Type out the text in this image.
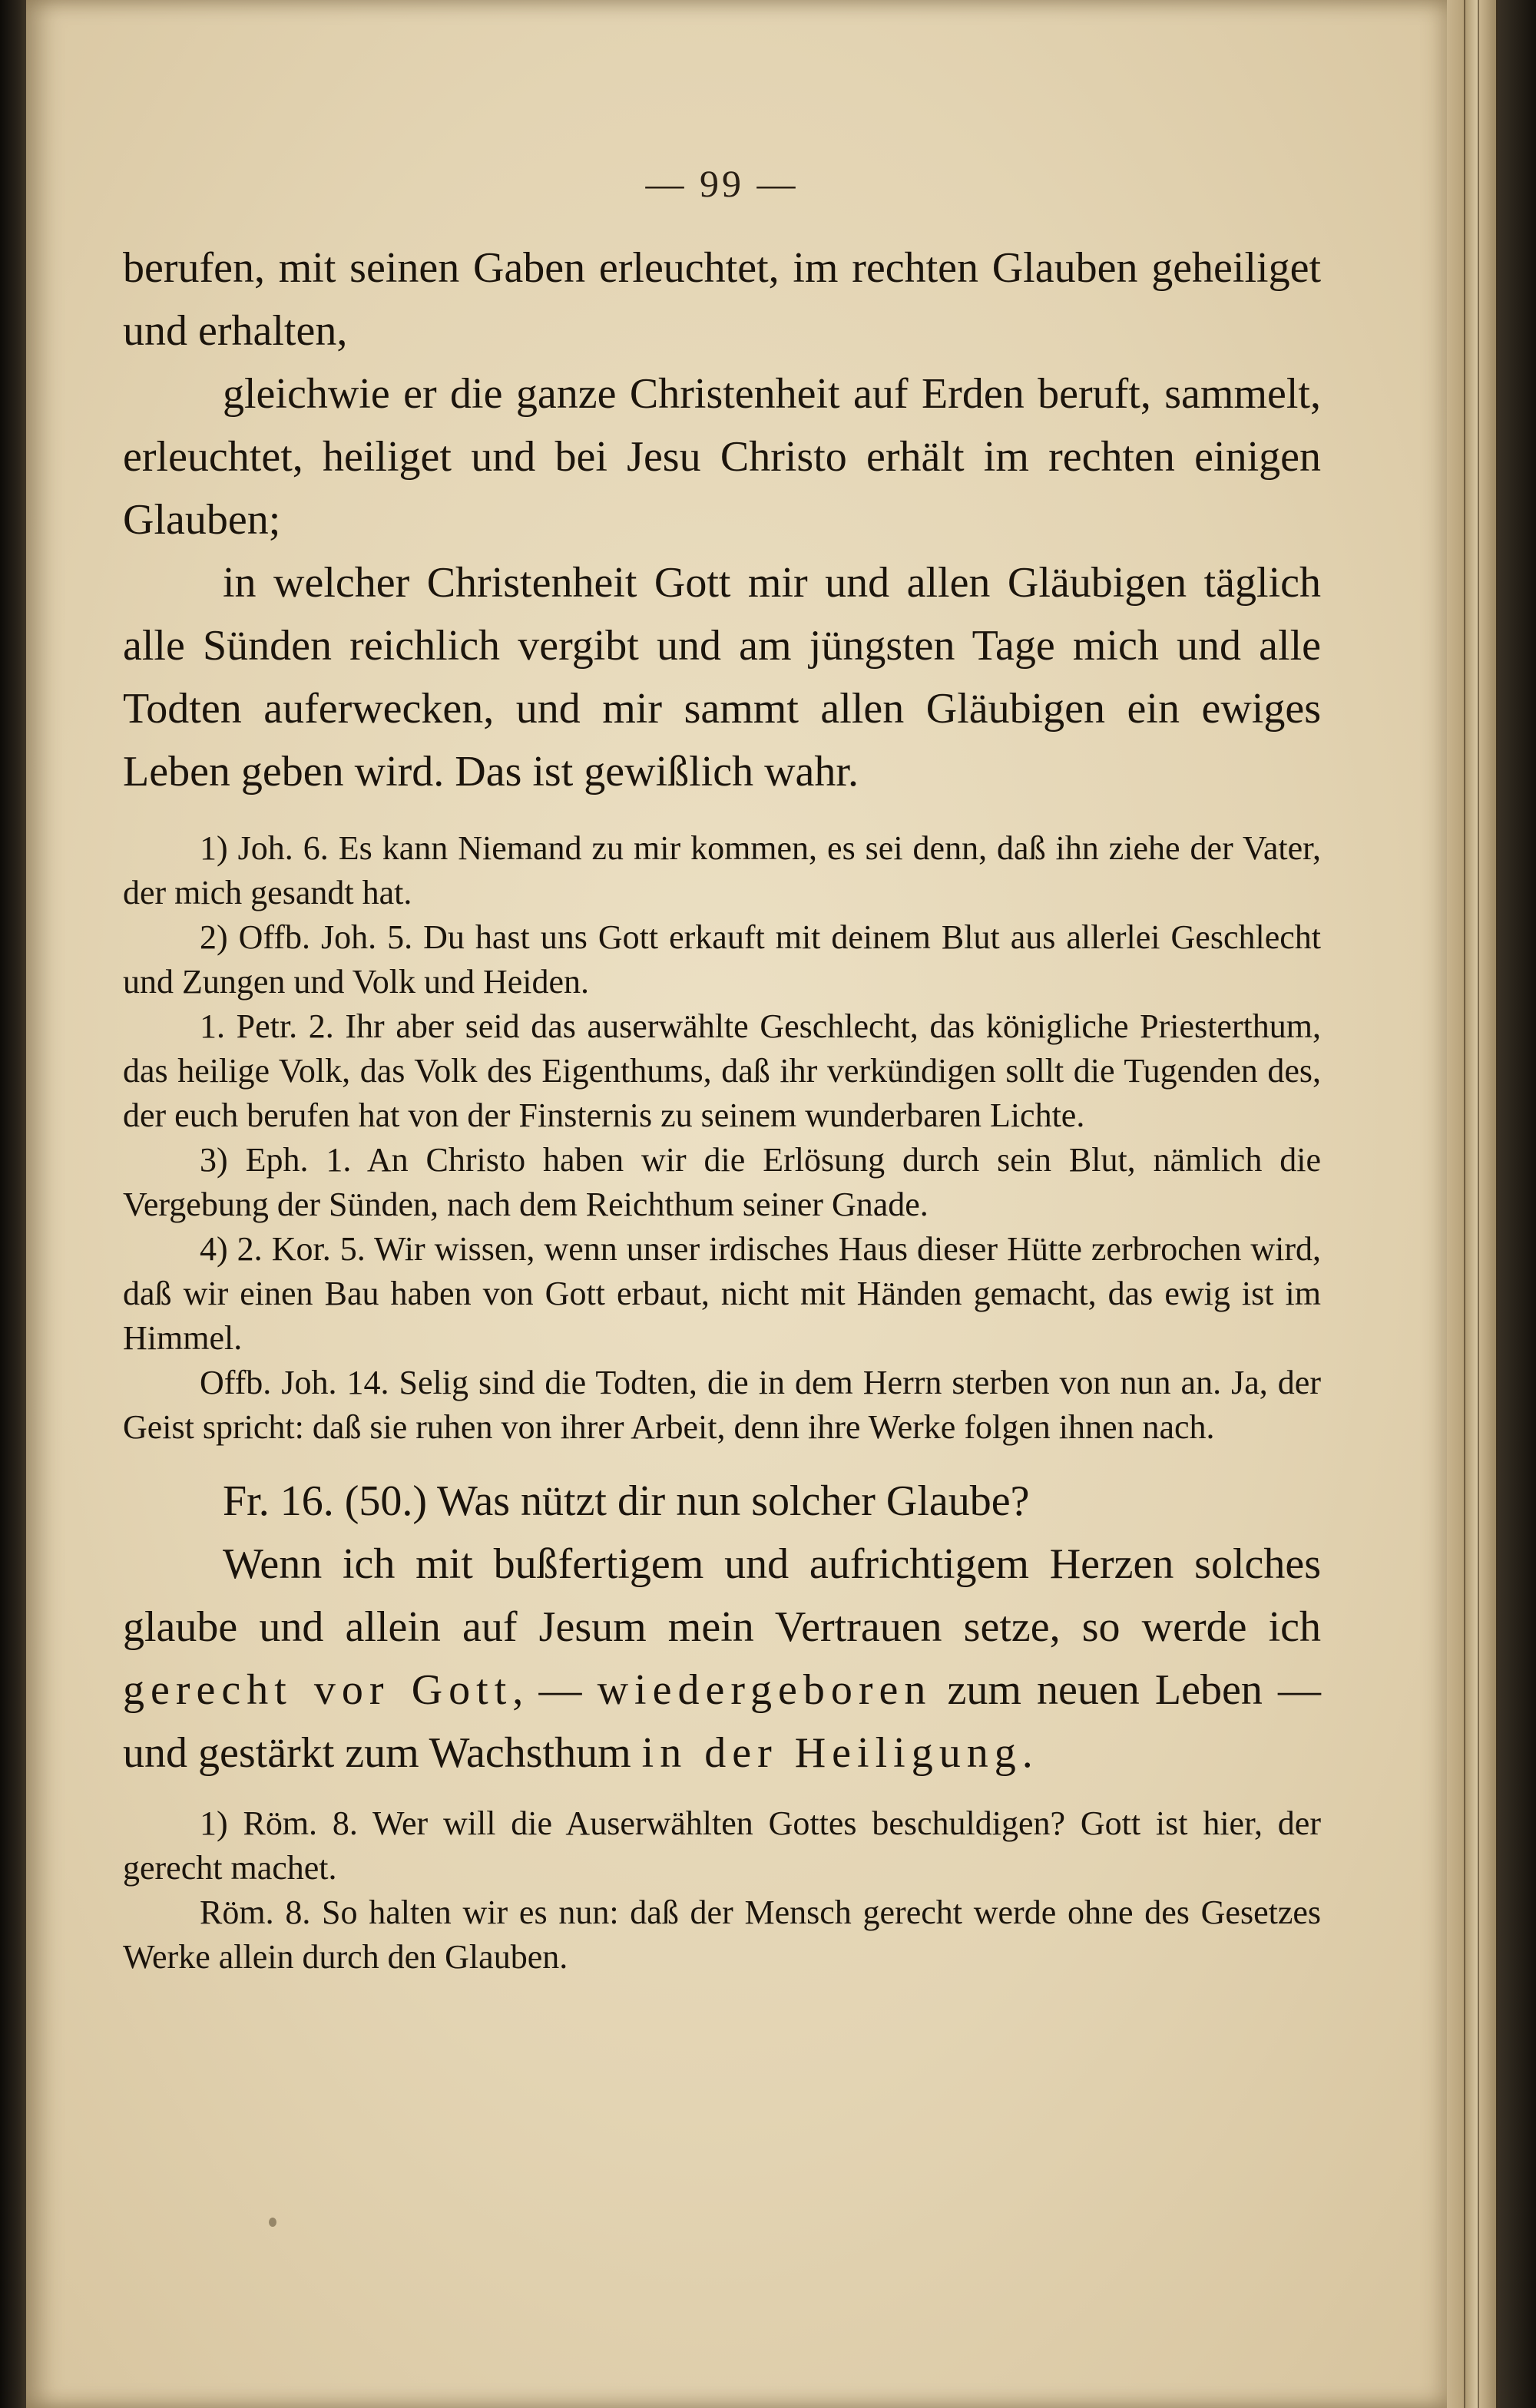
— 99 —

berufen, mit seinen Gaben erleuchtet, im rechten Glauben geheiliget und erhalten,

gleichwie er die ganze Christenheit auf Erden beruft, sammelt, erleuchtet, heiliget und bei Jesu Christo erhält im rechten einigen Glauben;

in welcher Christenheit Gott mir und allen Gläubigen täglich alle Sünden reichlich vergibt und am jüngsten Tage mich und alle Todten auferwecken, und mir sammt allen Gläubigen ein ewiges Leben geben wird. Das ist gewißlich wahr.

1) Joh. 6. Es kann Niemand zu mir kommen, es sei denn, daß ihn ziehe der Vater, der mich gesandt hat.

2) Offb. Joh. 5. Du hast uns Gott erkauft mit deinem Blut aus allerlei Geschlecht und Zungen und Volk und Heiden.

1. Petr. 2. Ihr aber seid das auserwählte Geschlecht, das königliche Priesterthum, das heilige Volk, das Volk des Eigenthums, daß ihr verkündigen sollt die Tugenden des, der euch berufen hat von der Finsternis zu seinem wunderbaren Lichte.

3) Eph. 1. An Christo haben wir die Erlösung durch sein Blut, nämlich die Vergebung der Sünden, nach dem Reichthum seiner Gnade.

4) 2. Kor. 5. Wir wissen, wenn unser irdisches Haus dieser Hütte zerbrochen wird, daß wir einen Bau haben von Gott erbaut, nicht mit Händen gemacht, das ewig ist im Himmel.

Offb. Joh. 14. Selig sind die Todten, die in dem Herrn sterben von nun an. Ja, der Geist spricht: daß sie ruhen von ihrer Arbeit, denn ihre Werke folgen ihnen nach.

Fr. 16. (50.) Was nützt dir nun solcher Glaube?

Wenn ich mit bußfertigem und aufrichtigem Herzen solches glaube und allein auf Jesum mein Vertrauen setze, so werde ich gerecht vor Gott, — wiedergeboren zum neuen Leben — und gestärkt zum Wachsthum in der Heiligung.

1) Röm. 8. Wer will die Auserwählten Gottes beschuldigen? Gott ist hier, der gerecht machet.

Röm. 8. So halten wir es nun: daß der Mensch gerecht werde ohne des Gesetzes Werke allein durch den Glauben.
